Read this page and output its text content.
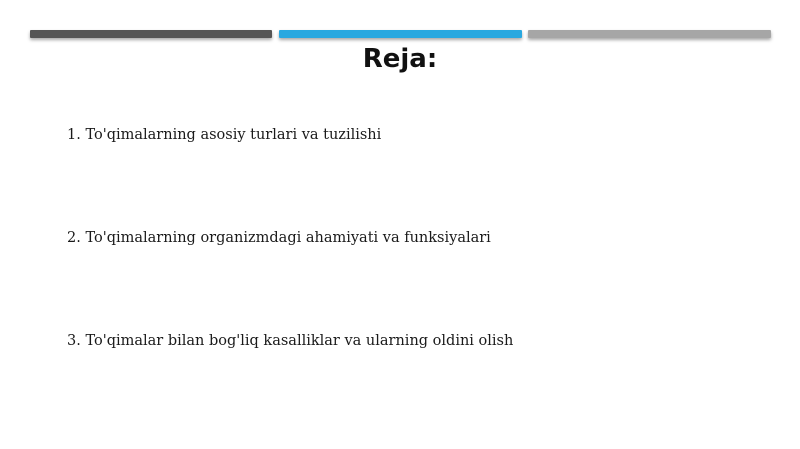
Reja:
1. To'qimalarning asosiy turlari va tuzilishi
2. To'qimalarning organizmdagi ahamiyati va funksiyalari
3. To'qimalar bilan bog'liq kasalliklar va ularning oldini olish
